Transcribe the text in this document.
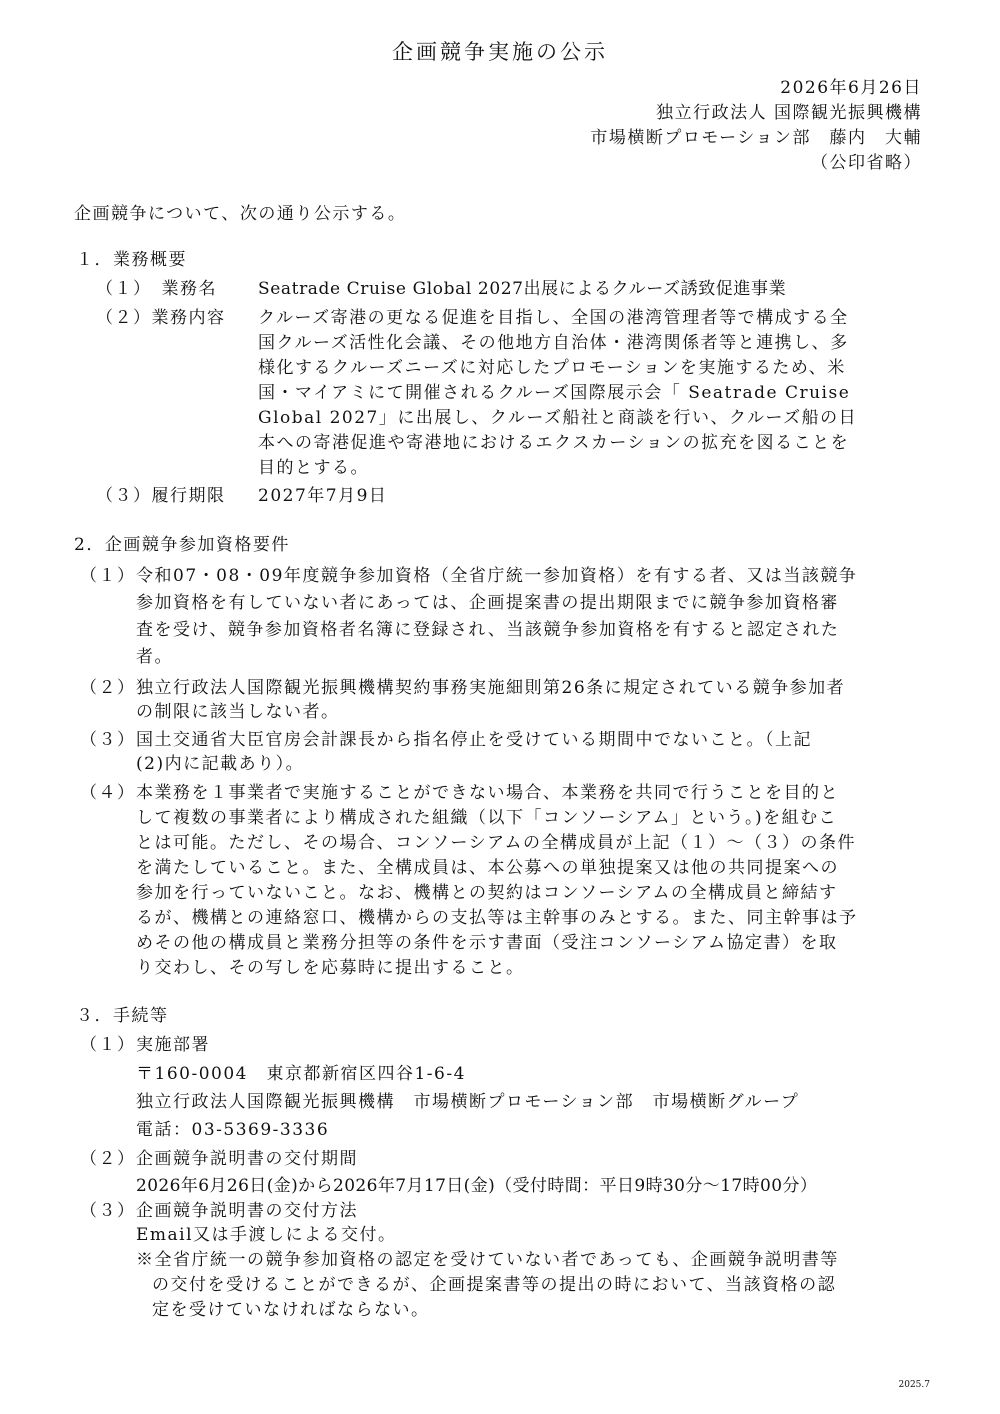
企画競争実施の公示
2026年6月26日
独立行政法人 国際観光振興機構
市場横断プロモーション部　藤内　大輔
（公印省略）
企画競争について、次の通り公示する。
１．業務概要
（１）　業務名 Seatrade Cruise Global 2027出展によるクルーズ誘致促進事業
（２）業務内容 クルーズ寄港の更なる促進を目指し、全国の港湾管理者等で構成する全
国クルーズ活性化会議、その他地方自治体・港湾関係者等と連携し、多
様化するクルーズニーズに対応したプロモーションを実施するため、米
国・マイアミにて開催されるクルーズ国際展示会「 Seatrade Cruise
Global 2027」に出展し、クルーズ船社と商談を行い、クルーズ船の日
本への寄港促進や寄港地におけるエクスカーションの拡充を図ることを
目的とする。
（３）履行期限 2027年7月9日
2．企画競争参加資格要件
（１） 令和07・08・09年度競争参加資格（全省庁統一参加資格）を有する者、又は当該競争
参加資格を有していない者にあっては、企画提案書の提出期限までに競争参加資格審
査を受け、競争参加資格者名簿に登録され、当該競争参加資格を有すると認定された
者。
（２） 独立行政法人国際観光振興機構契約事務実施細則第26条に規定されている競争参加者
の制限に該当しない者。
（３） 国土交通省大臣官房会計課長から指名停止を受けている期間中でないこと。（上記
(2)内に記載あり）。
（４） 本業務を１事業者で実施することができない場合、本業務を共同で行うことを目的と
して複数の事業者により構成された組織（以下「コンソーシアム」という。)を組むこ
とは可能。ただし、その場合、コンソーシアムの全構成員が上記（１）～（３）の条件
を満たしていること。また、全構成員は、本公募への単独提案又は他の共同提案への
参加を行っていないこと。なお、機構との契約はコンソーシアムの全構成員と締結す
るが、機構との連絡窓口、機構からの支払等は主幹事のみとする。また、同主幹事は予
めその他の構成員と業務分担等の条件を示す書面（受注コンソーシアム協定書）を取
り交わし、その写しを応募時に提出すること。
３．手続等
（１） 実施部署
〒160-0004　東京都新宿区四谷1-6-4
独立行政法人国際観光振興機構　市場横断プロモーション部　市場横断グループ
電話：03-5369-3336
（２） 企画競争説明書の交付期間
2026年6月26日(金)から2026年7月17日(金)（受付時間：平日9時30分～17時00分）
（３） 企画競争説明書の交付方法
Email又は手渡しによる交付。
※全省庁統一の競争参加資格の認定を受けていない者であっても、企画競争説明書等
の交付を受けることができるが、企画提案書等の提出の時において、当該資格の認
定を受けていなければならない。
2025.7
